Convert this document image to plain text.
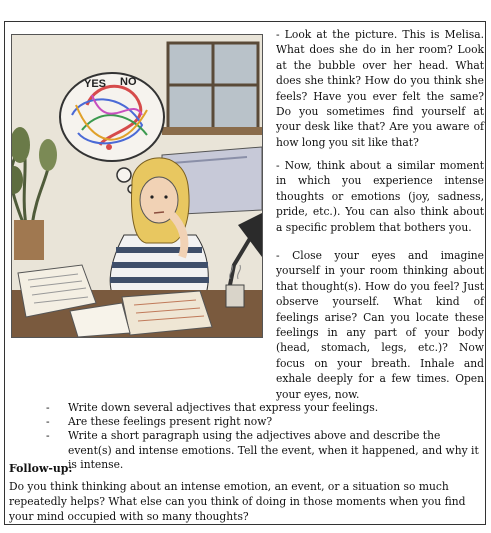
YES NO

- Look at the picture. This is Melisa. What does she do in her room? Look at the bubble over her head. What does she think? How do you think she feels? Have you ever felt the same? Do you sometimes find yourself at your desk like that? Are you aware of how long you sit like that?

- Now, think about a similar moment in which you experience intense thoughts or emotions (joy, sadness, pride, etc.). You can also think about a specific problem that bothers you.

- Close your eyes and imagine yourself in your room thinking about that thought(s). How do you feel? Just observe yourself. What kind of feelings arise? Can you locate these feelings in any part of your body (head, stomach, legs, etc.)? Now focus on your breath. Inhale and exhale deeply for a few times. Open your eyes, now.

- Write down several adjectives that express your feelings.
- Are these feelings present right now?
- Write a short paragraph using the adjectives above and describe the event(s) and intense emotions. Tell the event, when it happened, and why it is intense.
Follow-up:

Do you think thinking about an intense emotion, an event, or a situation so much repeatedly helps? What else can you think of doing in those moments when you find your mind occupied with so many thoughts?
